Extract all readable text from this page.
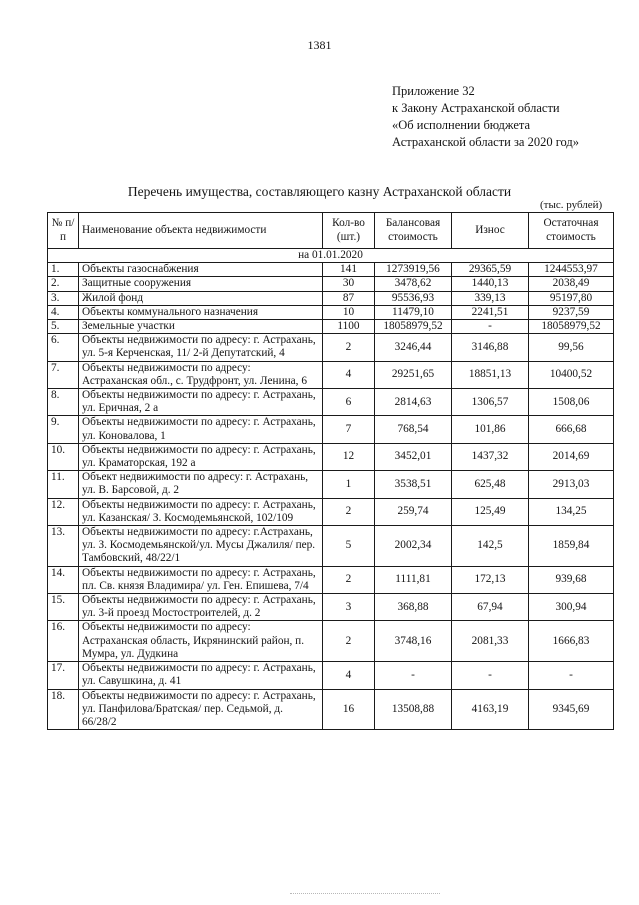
1381
Приложение 32
к Закону Астраханской области
«Об исполнении бюджета
Астраханской области за 2020 год»
Перечень имущества, составляющего казну Астраханской области
(тыс. рублей)
№ п/п	Наименование объекта недвижимости	Кол-во (шт.)	Балансовая стоимость	Износ	Остаточная стоимость
на 01.01.2020					
1.	Объекты газоснабжения	141	1273919,56	29365,59	1244553,97
2.	Защитные сооружения	30	3478,62	1440,13	2038,49
3.	Жилой фонд	87	95536,93	339,13	95197,80
4.	Объекты коммунального назначения	10	11479,10	2241,51	9237,59
5.	Земельные участки	1100	18058979,52	-	18058979,52
6.	Объекты недвижимости по адресу: г. Астрахань, ул. 5-я Керченская, 11/ 2-й Депутатский, 4	2	3246,44	3146,88	99,56
7.	Объекты недвижимости по адресу: Астраханская обл., с. Трудфронт, ул. Ленина, 6	4	29251,65	18851,13	10400,52
8.	Объекты недвижимости по адресу: г. Астрахань, ул. Еричная, 2 а	6	2814,63	1306,57	1508,06
9.	Объекты недвижимости по адресу: г. Астрахань, ул. Коновалова, 1	7	768,54	101,86	666,68
10.	Объекты недвижимости по адресу: г. Астрахань, ул. Краматорская, 192 а	12	3452,01	1437,32	2014,69
11.	Объект недвижимости по адресу: г. Астрахань, ул. В. Барсовой, д. 2	1	3538,51	625,48	2913,03
12.	Объекты недвижимости по адресу: г. Астрахань, ул. Казанская/ З. Космодемьянской, 102/109	2	259,74	125,49	134,25
13.	Объекты недвижимости по адресу: г.Астрахань, ул. З. Космодемьянской/ул. Мусы Джалиля/ пер. Тамбовский, 48/22/1	5	2002,34	142,5	1859,84
14.	Объекты недвижимости по адресу: г. Астрахань, пл. Св. князя Владимира/ ул. Ген. Епишева, 7/4	2	1111,81	172,13	939,68
15.	Объекты недвижимости по адресу: г. Астрахань, ул. 3-й проезд Мостостроителей, д. 2	3	368,88	67,94	300,94
16.	Объекты недвижимости по адресу: Астраханская область, Икрянинский район, п. Мумра, ул. Дудкина	2	3748,16	2081,33	1666,83
17.	Объекты недвижимости по адресу: г. Астрахань, ул. Савушкина, д. 41	4	-	-	-
18.	Объекты недвижимости по адресу: г. Астрахань, ул. Панфилова/Братская/ пер. Седьмой, д. 66/28/2	16	13508,88	4163,19	9345,69
